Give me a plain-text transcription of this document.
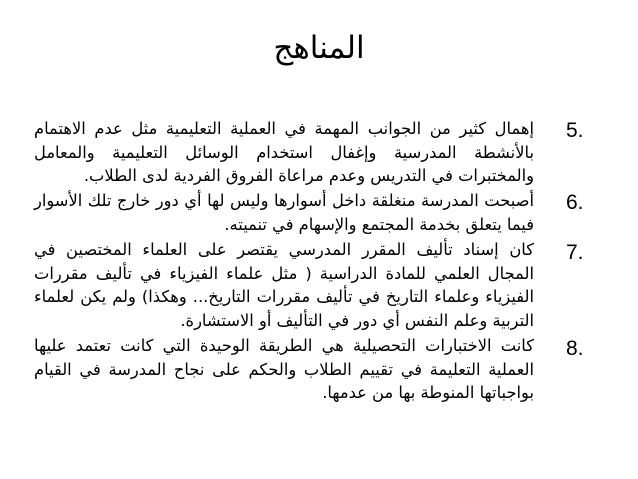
المناهج
5.
إهمال كثير من الجوانب المهمة في العملية التعليمية مثل عدم الاهتمام بالأنشطة المدرسية وإغفال استخدام الوسائل التعليمية والمعامل والمختبرات في التدريس وعدم مراعاة الفروق الفردية لدى الطلاب.
6.
أصبحت المدرسة منغلقة داخل أسوارها وليس لها أي دور خارج تلك الأسوار فيما يتعلق بخدمة المجتمع والإسهام في تنميته.
7.
كان إسناد تأليف المقرر المدرسي يقتصر على العلماء المختصين في المجال العلمي للمادة الدراسية ( مثل علماء الفيزياء في تأليف مقررات الفيزياء وعلماء التاريخ في تأليف مقررات التاريخ... وهكذا) ولم يكن لعلماء التربية وعلم النفس أي دور في التأليف أو الاستشارة.
8.
كانت الاختبارات التحصيلية هي الطريقة الوحيدة التي كانت تعتمد عليها العملية التعليمة في تقييم الطلاب والحكم على نجاح المدرسة في القيام بواجباتها المنوطة بها من عدمها.
